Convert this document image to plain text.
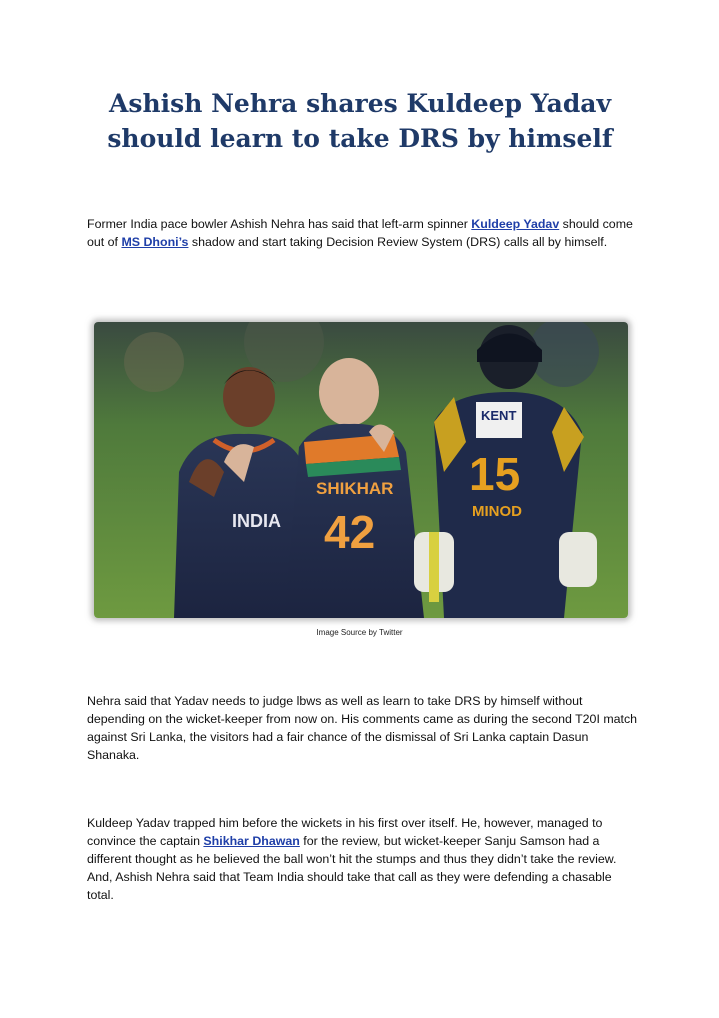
Ashish Nehra shares Kuldeep Yadav should learn to take DRS by himself

Former India pace bowler Ashish Nehra has said that left-arm spinner Kuldeep Yadav should come out of MS Dhoni’s shadow and start taking Decision Review System (DRS) calls all by himself.

INDIA
SHIKHAR
42
KENT
15
MINOD

Image Source by Twitter

Nehra said that Yadav needs to judge lbws as well as learn to take DRS by himself without depending on the wicket-keeper from now on. His comments came as during the second T20I match against Sri Lanka, the visitors had a fair chance of the dismissal of Sri Lanka captain Dasun Shanaka.

Kuldeep Yadav trapped him before the wickets in his first over itself. He, however, managed to convince the captain Shikhar Dhawan for the review, but wicket-keeper Sanju Samson had a different thought as he believed the ball won’t hit the stumps and thus they didn’t take the review. And, Ashish Nehra said that Team India should take that call as they were defending a chasable total.
